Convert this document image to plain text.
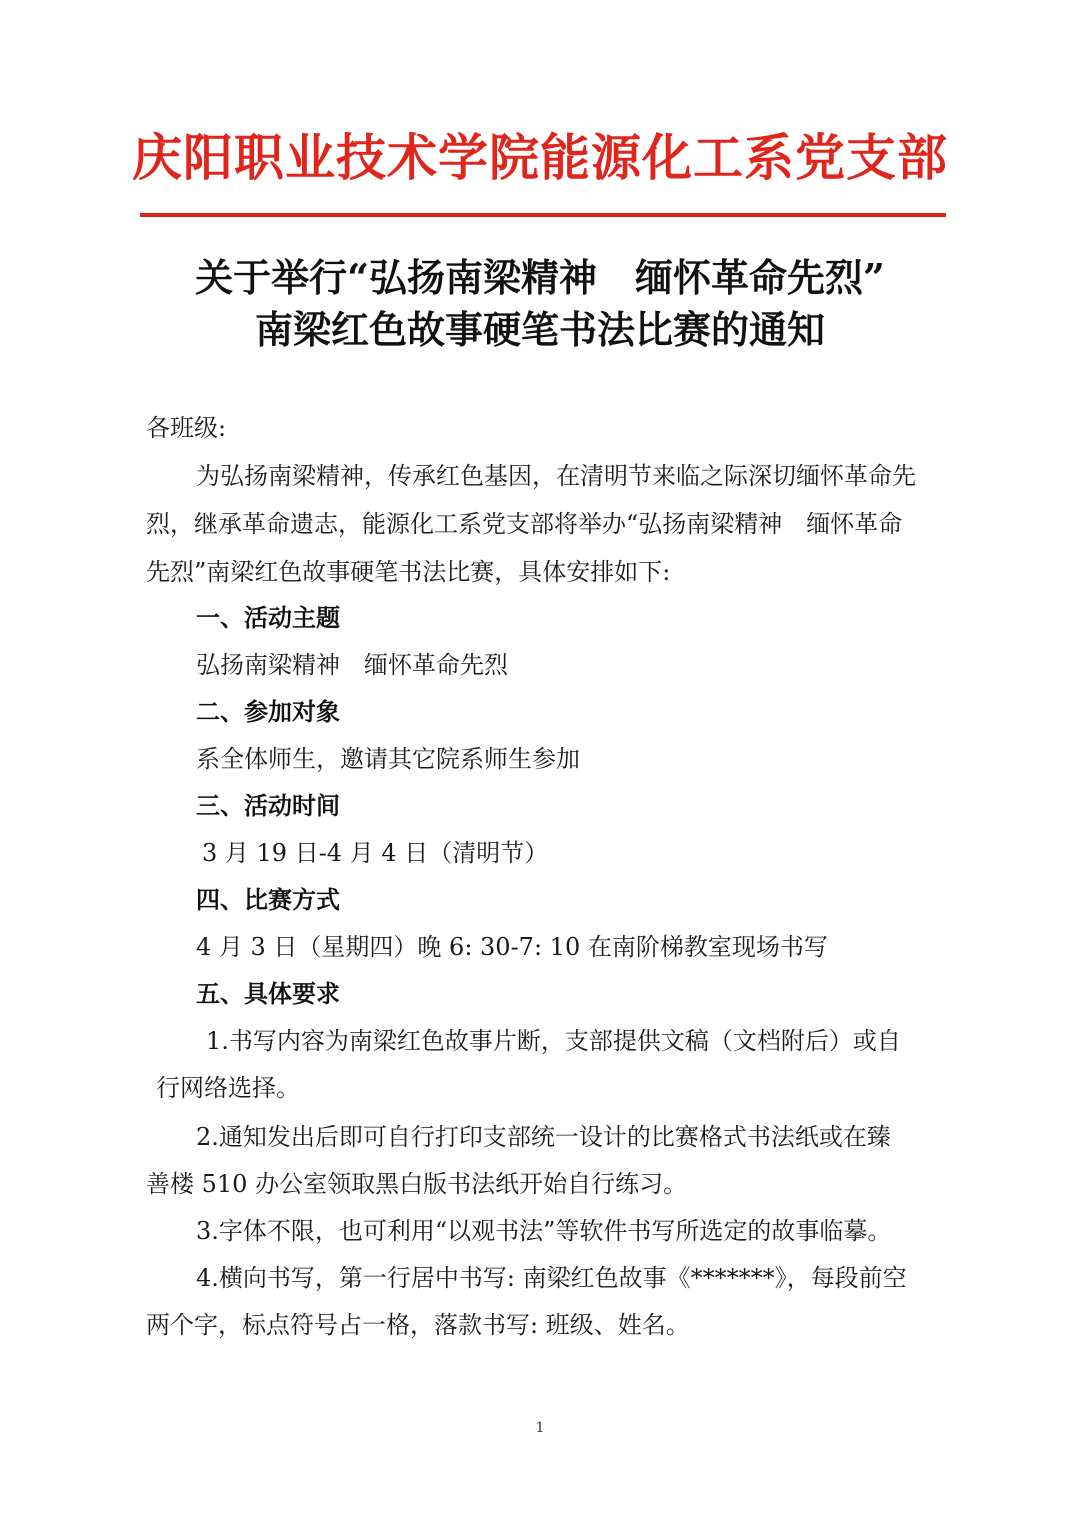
庆阳职业技术学院能源化工系党支部
关于举行“弘扬南梁精神　缅怀革命先烈”
南梁红色故事硬笔书法比赛的通知
各班级:
为弘扬南梁精神，传承红色基因，在清明节来临之际深切缅怀革命先
烈，继承革命遗志，能源化工系党支部将举办“弘扬南梁精神　缅怀革命
先烈”南梁红色故事硬笔书法比赛，具体安排如下:
一、活动主题
弘扬南梁精神　缅怀革命先烈
二、参加对象
系全体师生，邀请其它院系师生参加
三、活动时间
3 月 19 日-4 月 4 日（清明节）
四、比赛方式
4 月 3 日（星期四）晚 6: 30-7: 10 在南阶梯教室现场书写
五、具体要求
1.书写内容为南梁红色故事片断，支部提供文稿（文档附后）或自
行网络选择。
2.通知发出后即可自行打印支部统一设计的比赛格式书法纸或在臻
善楼 510 办公室领取黑白版书法纸开始自行练习。
3.字体不限，也可利用“以观书法”等软件书写所选定的故事临摹。
4.横向书写，第一行居中书写: 南梁红色故事《*******》，每段前空
两个字，标点符号占一格，落款书写: 班级、姓名。
1
